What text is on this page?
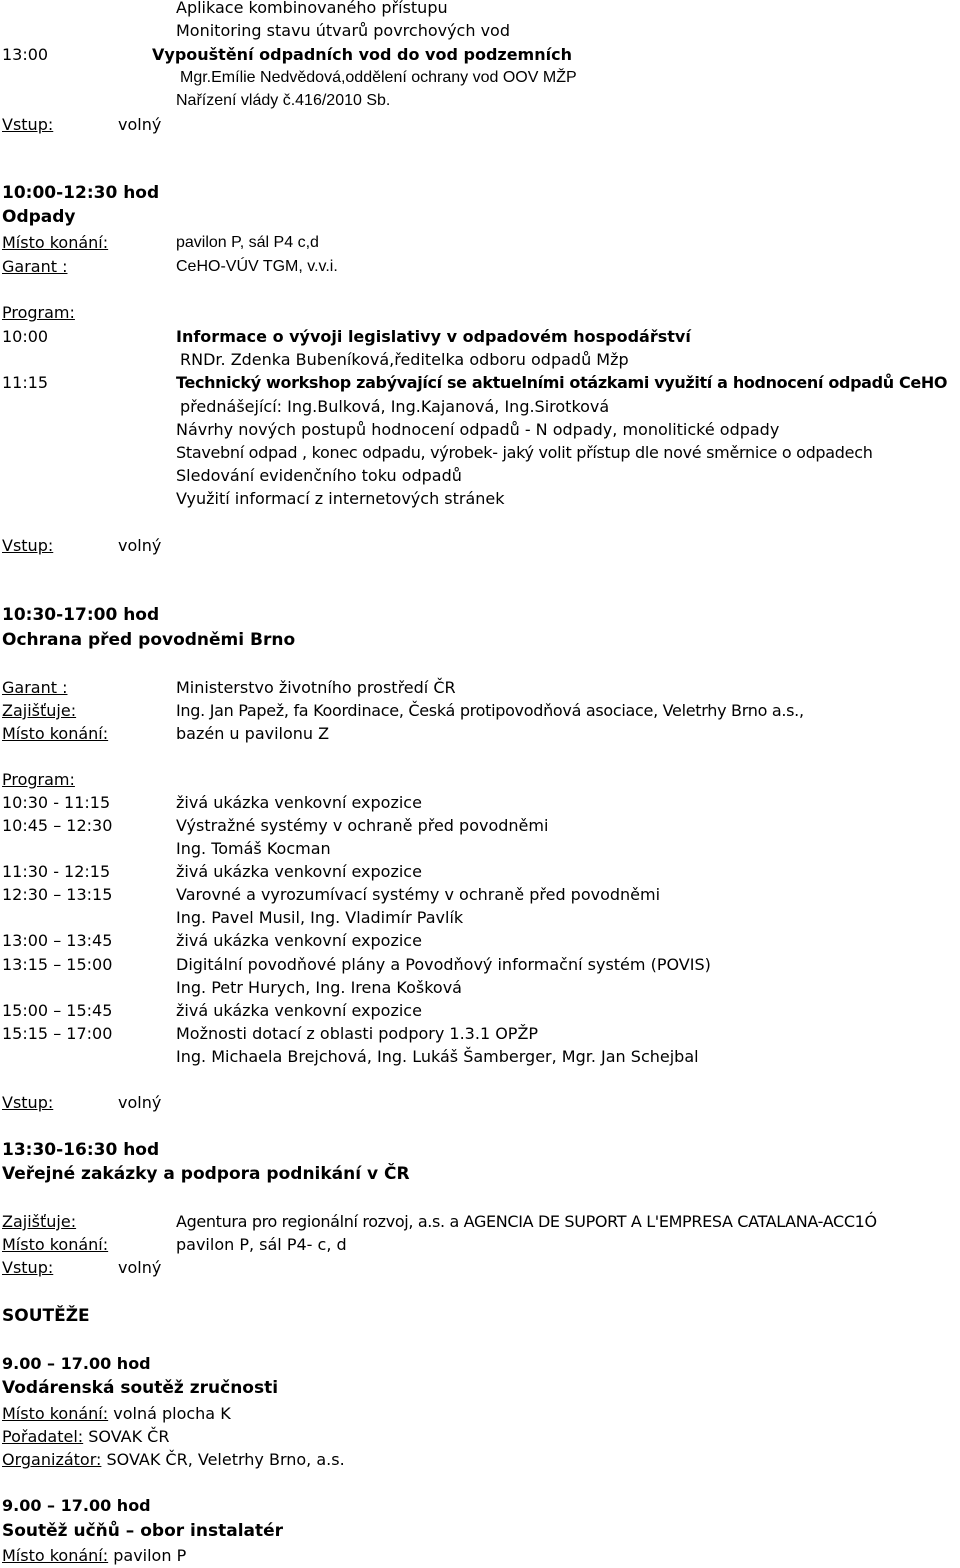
Aplikace kombinovaného přístupu
Monitoring stavu útvarů povrchových vod
13:00	Vypouštění odpadních vod do vod podzemních
Mgr.Emílie Nedvědová,oddělení ochrany vod OOV MŽP
Nařízení vlády č.416/2010 Sb.
Vstup:	volný
10:00-12:30 hod
Odpady
Místo konání:	pavilon P, sál P4 c,d
Garant :	CeHO-VÚV TGM, v.v.i.
Program:
10:00	Informace o vývoji legislativy v odpadovém hospodářství
RNDr. Zdenka Bubeníková,ředitelka odboru odpadů Mžp
11:15	Technický workshop zabývající se aktuelními otázkami využití a hodnocení odpadů CeHO
přednášející: Ing.Bulková, Ing.Kajanová, Ing.Sirotková
Návrhy nových postupů hodnocení odpadů - N odpady, monolitické odpady
Stavební odpad , konec odpadu, výrobek- jaký volit přístup dle nové směrnice o odpadech
Sledování evidenčního toku odpadů
Využití informací z internetových stránek
Vstup:	volný
10:30-17:00 hod
Ochrana před povodněmi Brno
Garant :	Ministerstvo životního prostředí ČR
Zajišťuje:	Ing. Jan Papež, fa Koordinace, Česká protipovodňová asociace, Veletrhy Brno a.s.,
Místo konání:	bazén u pavilonu Z
Program:
10:30 - 11:15	živá ukázka venkovní expozice
10:45 – 12:30	Výstražné systémy v ochraně před povodněmi
Ing. Tomáš Kocman
11:30 - 12:15	živá ukázka venkovní expozice
12:30 – 13:15	Varovné a vyrozumívací systémy v ochraně před povodněmi
Ing. Pavel Musil, Ing. Vladimír Pavlík
13:00 – 13:45	živá ukázka venkovní expozice
13:15 – 15:00	Digitální povodňové plány a Povodňový informační systém (POVIS)
Ing. Petr Hurych, Ing. Irena Košková
15:00 – 15:45	živá ukázka venkovní expozice
15:15 – 17:00	Možnosti dotací z oblasti podpory 1.3.1 OPŽP
Ing. Michaela Brejchová, Ing. Lukáš Šamberger, Mgr. Jan Schejbal
Vstup:	volný
13:30-16:30 hod
Veřejné zakázky a podpora podnikání v ČR
Zajišťuje:	Agentura pro regionální rozvoj, a.s. a AGENCIA DE SUPORT A L'EMPRESA CATALANA-ACC1Ó
Místo konání:	pavilon P, sál P4- c, d
Vstup:	volný
SOUTĚŽE
9.00 – 17.00 hod
Vodárenská soutěž zručnosti
Místo konání: volná plocha K
Pořadatel: SOVAK ČR
Organizátor: SOVAK ČR, Veletrhy Brno, a.s.
9.00 – 17.00 hod
Soutěž učňů – obor instalatér
Místo konání: pavilon P
